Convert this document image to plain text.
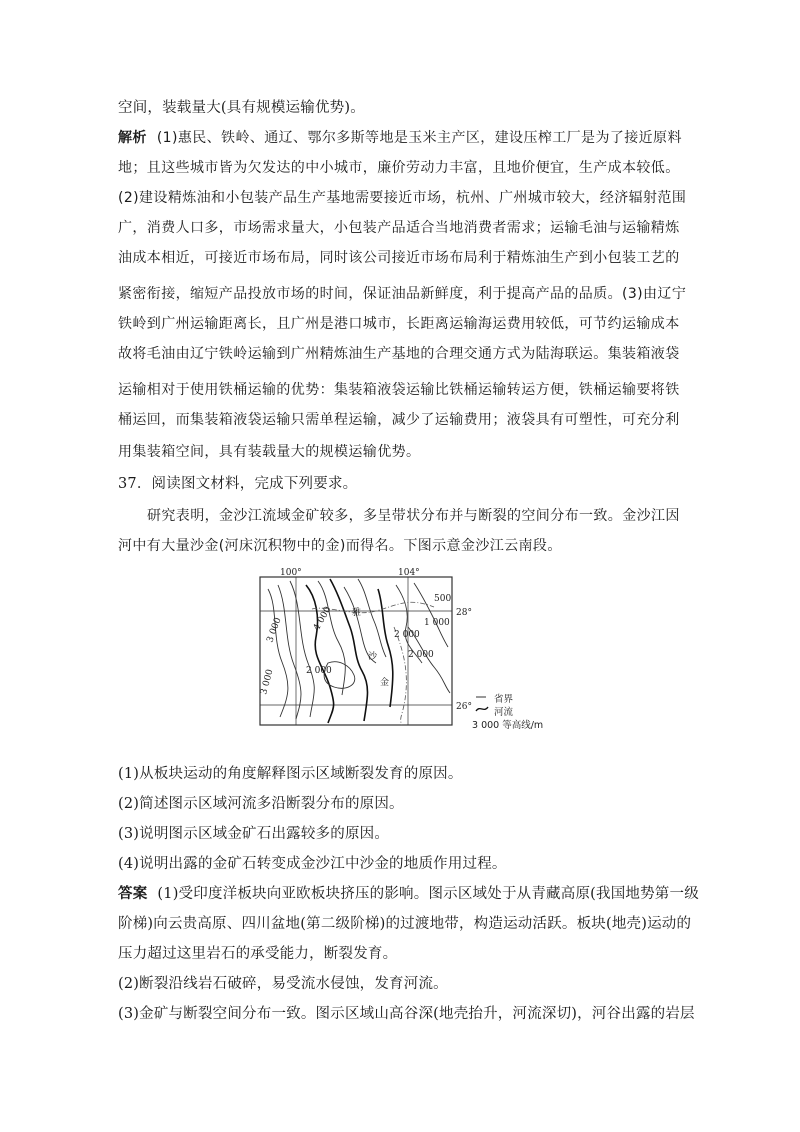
空间，装载量大(具有规模运输优势)。
解析 (1)惠民、铁岭、通辽、鄂尔多斯等地是玉米主产区，建设压榨工厂是为了接近原料
地；且这些城市皆为欠发达的中小城市，廉价劳动力丰富，且地价便宜，生产成本较低。
(2)建设精炼油和小包装产品生产基地需要接近市场，杭州、广州城市较大，经济辐射范围
广，消费人口多，市场需求量大，小包装产品适合当地消费者需求；运输毛油与运输精炼
油成本相近，可接近市场布局，同时该公司接近市场布局利于精炼油生产到小包装工艺的
紧密衔接，缩短产品投放市场的时间，保证油品新鲜度，利于提高产品的品质。(3)由辽宁
铁岭到广州运输距离长，且广州是港口城市，长距离运输海运费用较低，可节约运输成本
故将毛油由辽宁铁岭运输到广州精炼油生产基地的合理交通方式为陆海联运。集装箱液袋
运输相对于使用铁桶运输的优势：集装箱液袋运输比铁桶运输转运方便，铁桶运输要将铁
桶运回，而集装箱液袋运输只需单程运输，减少了运输费用；液袋具有可塑性，可充分利
用集装箱空间，具有装载量大的规模运输优势。
37．阅读图文材料，完成下列要求。
研究表明，金沙江流域金矿较多，多呈带状分布并与断裂的空间分布一致。金沙江因
河中有大量沙金(河床沉积物中的金)而得名。下图示意金沙江云南段。
100°	104°
28°
26°
500
1 000
2 000
2 000
2 000
3 000
3 000
4 000 雅
金
沙
省界
河流
3 000 等高线/m
(1)从板块运动的角度解释图示区域断裂发育的原因。
(2)简述图示区域河流多沿断裂分布的原因。
(3)说明图示区域金矿石出露较多的原因。
(4)说明出露的金矿石转变成金沙江中沙金的地质作用过程。
答案 (1)受印度洋板块向亚欧板块挤压的影响。图示区域处于从青藏高原(我国地势第一级
阶梯)向云贵高原、四川盆地(第二级阶梯)的过渡地带，构造运动活跃。板块(地壳)运动的
压力超过这里岩石的承受能力，断裂发育。
(2)断裂沿线岩石破碎，易受流水侵蚀，发育河流。
(3)金矿与断裂空间分布一致。图示区域山高谷深(地壳抬升，河流深切)，河谷出露的岩层
